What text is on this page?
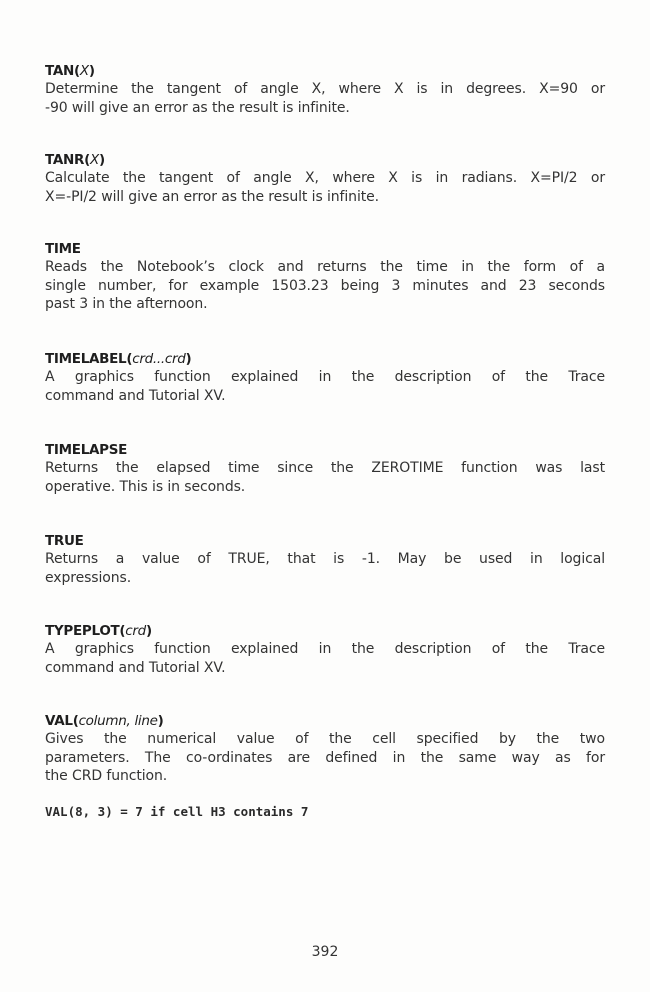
TAN(X)
Determine the tangent of angle X, where X is in degrees. X=90 or
-90 will give an error as the result is infinite.
TANR(X)
Calculate the tangent of angle X, where X is in radians. X=PI/2 or
X=-PI/2 will give an error as the result is infinite.
TIME
Reads the Notebook’s clock and returns the time in the form of a
single number, for example 1503.23 being 3 minutes and 23 seconds
past 3 in the afternoon.
TIMELABEL(crd...crd)
A graphics function explained in the description of the Trace
command and Tutorial XV.
TIMELAPSE
Returns the elapsed time since the ZEROTIME function was last
operative. This is in seconds.
TRUE
Returns a value of TRUE, that is -1. May be used in logical
expressions.
TYPEPLOT(crd)
A graphics function explained in the description of the Trace
command and Tutorial XV.
VAL(column, line)
Gives the numerical value of the cell specified by the two
parameters. The co-ordinates are defined in the same way as for
the CRD function.
VAL(8, 3) = 7 if cell H3 contains 7
392
